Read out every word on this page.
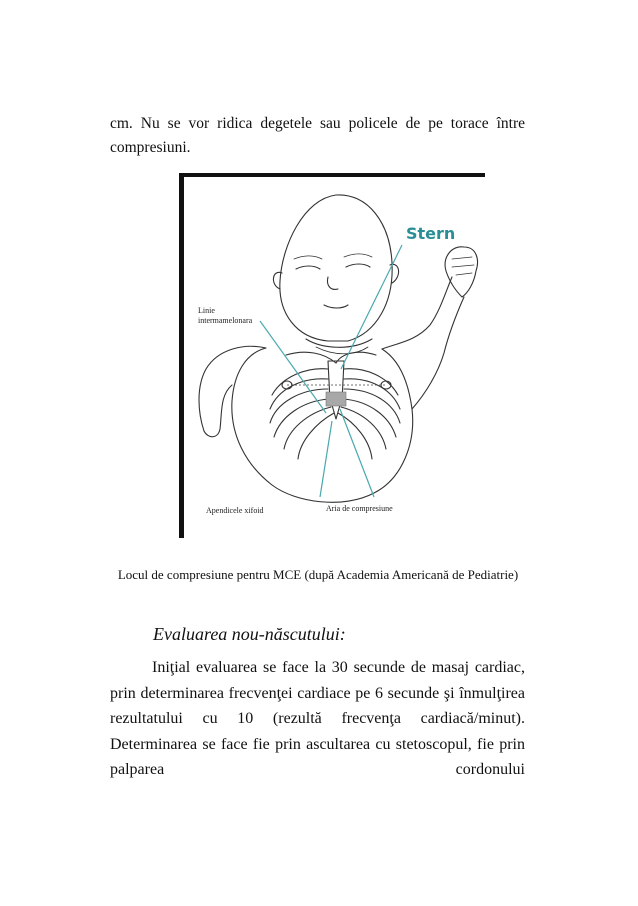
cm. Nu se vor ridica degetele sau policele de pe torace între compresiuni.

Stern
Linie
intermamelonara
Apendicele xifoid	Aria de compresiune

Locul de compresiune pentru MCE (după Academia Americană de Pediatrie)

Evaluarea nou-născutului:

Iniţial evaluarea se face la 30 secunde de masaj cardiac, prin determinarea frecvenţei cardiace pe 6 secunde şi înmulţirea rezultatului cu 10 (rezultă frecvenţa cardiacă/minut). Determinarea se face fie prin ascultarea cu stetoscopul, fie prin palparea cordonului
